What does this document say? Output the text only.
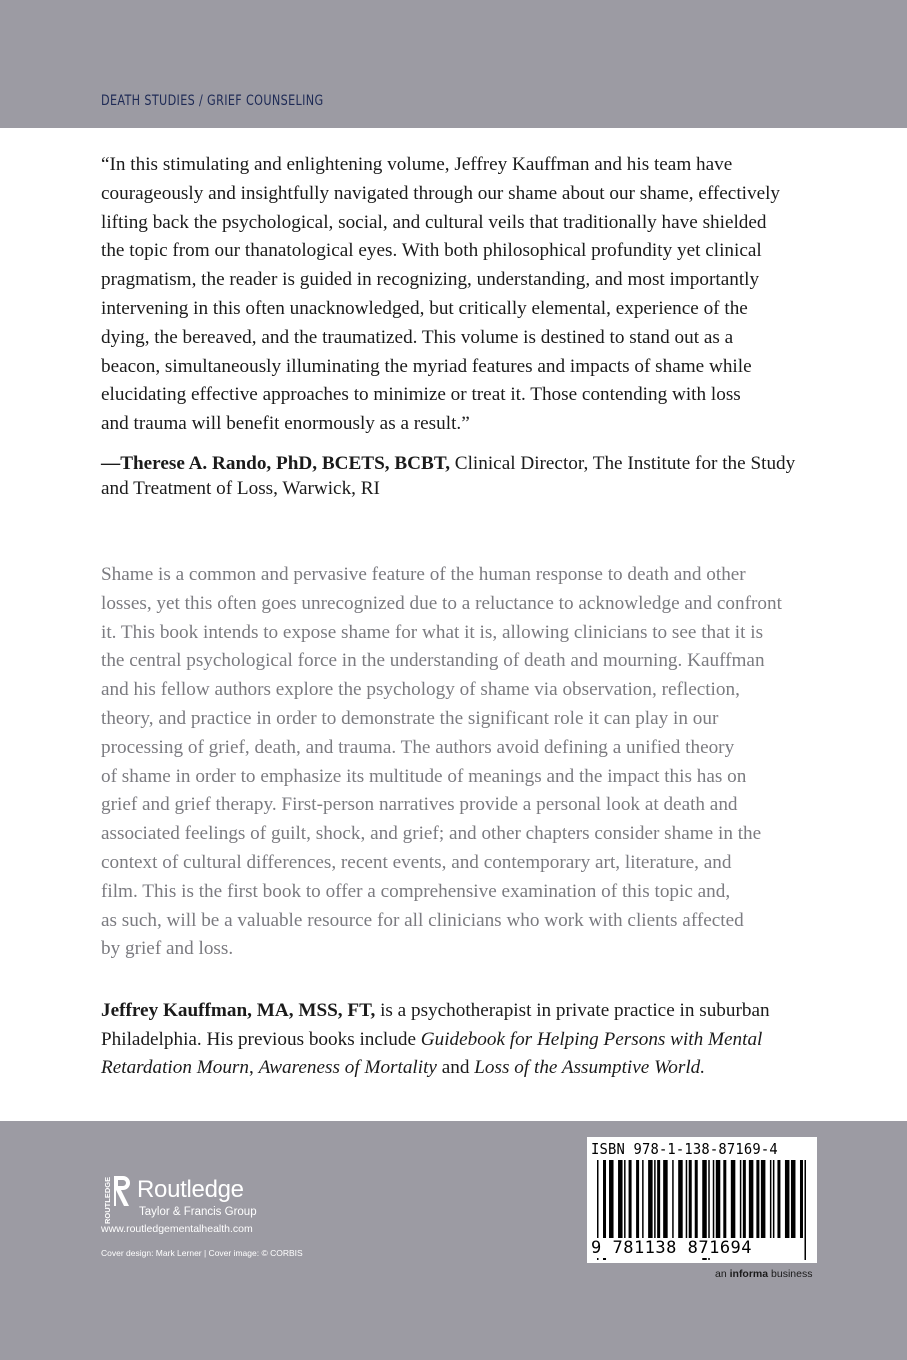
DEATH STUDIES / GRIEF COUNSELING
“In this stimulating and enlightening volume, Jeffrey Kauffman and his team have
courageously and insightfully navigated through our shame about our shame, effectively
lifting back the psychological, social, and cultural veils that traditionally have shielded
the topic from our thanatological eyes. With both philosophical profundity yet clinical
pragmatism, the reader is guided in recognizing, understanding, and most importantly
intervening in this often unacknowledged, but critically elemental, experience of the
dying, the bereaved, and the traumatized. This volume is destined to stand out as a
beacon, simultaneously illuminating the myriad features and impacts of shame while
elucidating effective approaches to minimize or treat it. Those contending with loss
and trauma will benefit enormously as a result.”
—Therese A. Rando, PhD, BCETS, BCBT, Clinical Director, The Institute for the Study
and Treatment of Loss, Warwick, RI
Shame is a common and pervasive feature of the human response to death and other
losses, yet this often goes unrecognized due to a reluctance to acknowledge and confront
it. This book intends to expose shame for what it is, allowing clinicians to see that it is
the central psychological force in the understanding of death and mourning. Kauffman
and his fellow authors explore the psychology of shame via observation, reflection,
theory, and practice in order to demonstrate the significant role it can play in our
processing of grief, death, and trauma. The authors avoid defining a unified theory
of shame in order to emphasize its multitude of meanings and the impact this has on
grief and grief therapy. First-person narratives provide a personal look at death and
associated feelings of guilt, shock, and grief; and other chapters consider shame in the
context of cultural differences, recent events, and contemporary art, literature, and
film. This is the first book to offer a comprehensive examination of this topic and,
as such, will be a valuable resource for all clinicians who work with clients affected
by grief and loss.
Jeffrey Kauffman, MA, MSS, FT, is a psychotherapist in private practice in suburban
Philadelphia. His previous books include Guidebook for Helping Persons with Mental
Retardation Mourn, Awareness of Mortality and Loss of the Assumptive World.
ROUTLEDGE Routledge
Taylor & Francis Group
www.routledgementalhealth.com
Cover design: Mark Lerner | Cover image: © CORBIS
ISBN 978-1-138-87169-4
9 781138 871694
an informa business
